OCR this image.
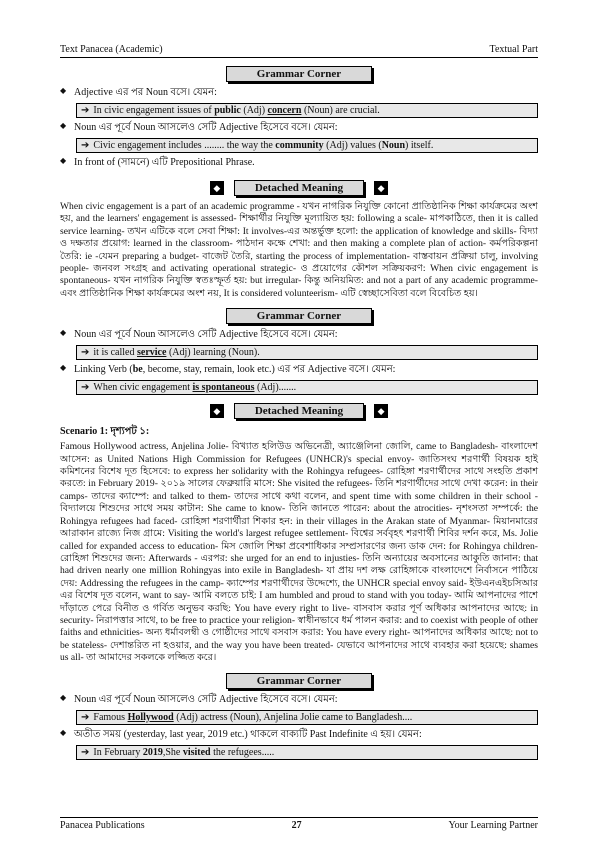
Text Panacea (Academic)	Textual Part
Grammar Corner
◆ Adjective এর পর Noun বসে। যেমন:
➔ In civic engagement issues of public (Adj) concern (Noun) are crucial.
◆ Noun এর পূর্বে Noun আসলেও সেটি Adjective হিসেবে বসে। যেমন:
➔ Civic engagement includes ........ the way the community (Adj) values (Noun) itself.
◆ In front of (সামনে) এটি Prepositional Phrase.
◆	Detached Meaning	◆
When civic engagement is a part of an academic programme - যখন নাগরিক নিযুক্তি কোনো প্রাতিষ্ঠানিক শিক্ষা কার্যক্রমের অংশ হয়, and the learners' engagement is assessed- শিক্ষার্থীর নিযুক্তি মূল্যায়িত হয়: following a scale- মাপকাঠিতে, then it is called service learning- তখন এটিকে বলে সেবা শিক্ষা: It involves-এর অন্তর্ভুক্ত হলো: the application of knowledge and skills- বিদ্যা ও দক্ষতার প্রয়োগ: learned in the classroom- পাঠদান কক্ষে শেখা: and then making a complete plan of action- কর্মপরিকল্পনা তৈরি: ie -যেমন preparing a budget- বাজেট তৈরি, starting the process of implementation- বাস্তবায়ন প্রক্রিয়া চালু, involving people- জনবল সংগ্রহ and activating operational strategic- ও প্রয়োগের কৌশল সক্রিয়করণ: When civic engagement is spontaneous- যখন নাগরিক নিযুক্তি স্বতঃস্ফূর্ত হয়: but irregular- কিন্তু অনিয়মিত: and not a part of any academic programme- এবং প্রাতিষ্ঠানিক শিক্ষা কার্যক্রমের অংশ নয়, It is considered volunteerism- এটি স্বেচ্ছাসেবিতা বলে বিবেচিত হয়।
Grammar Corner
◆ Noun এর পূর্বে Noun আসলেও সেটি Adjective হিসেবে বসে। যেমন:
➔ it is called service (Adj) learning (Noun).
◆ Linking Verb (be, become, stay, remain, look etc.) এর পর Adjective বসে। যেমন:
➔ When civic engagement is spontaneous (Adj).......
◆	Detached Meaning	◆
Scenario 1: দৃশ্যপট ১:
Famous Hollywood actress, Anjelina Jolie- বিখ্যাত হলিউড অভিনেত্রী, অ্যাঞ্জেলিনা জোলি, came to Bangladesh- বাংলাদেশ আসেন: as United Nations High Commission for Refugees (UNHCR)'s special envoy- জাতিসংঘ শরণার্থী বিষয়ক হাই কমিশনের বিশেষ দূত হিসেবে: to express her solidarity with the Rohingya refugees- রোহিঙ্গা শরণার্থীদের সাথে সংহতি প্রকাশ করতে: in February 2019- ২০১৯ সালের ফেব্রুয়ারি মাসে: She visited the refugees- তিনি শরণার্থীদের সাথে দেখা করেন: in their camps- তাদের ক্যাম্পে: and talked to them- তাদের সাথে কথা বলেন, and spent time with some children in their school - বিদ্যালয়ে শিশুদের সাথে সময় কাটান: She came to know- তিনি জানতে পারেন: about the atrocities- নৃশংসতা সম্পর্কে: the Rohingya refugees had faced- রোহিঙ্গা শরণার্থীরা শিকার হন: in their villages in the Arakan state of Myanmar- মিয়ানমারের আরাকান রাজ্যে নিজ গ্রামে: Visiting the world's largest refugee settlement- বিশ্বের সর্ববৃহৎ শরণার্থী শিবির দর্শন করে, Ms. Jolie called for expanded access to education- মিস জোলি শিক্ষা প্রবেশাধিকার সম্প্রসারণের জন্য ডাক দেন: for Rohingya children- রোহিঙ্গা শিশুদের জন্য: Afterwards - এরপর: she urged for an end to injusties- তিনি অন্যায়ের অবসানের আকুতি জানান: that had driven nearly one million Rohingyas into exile in Bangladesh- যা প্রায় দশ লক্ষ রোহিঙ্গাকে বাংলাদেশে নির্বাসনে পাঠিয়ে দেয়: Addressing the refugees in the camp- ক্যাম্পের শরণার্থীদের উদ্দেশ্যে, the UNHCR special envoy said- ইউএনএইচসিআর এর বিশেষ দূত বলেন, want to say- আমি বলতে চাই: I am humbled and proud to stand with you today- আমি আপনাদের পাশে দাঁড়াতে পেরে বিনীত ও গর্বিত অনুভব করছি: You have every right to live- বাসবাস করার পূর্ণ অধিকার আপনাদের আছে: in security- নিরাপত্তার সাথে, to be free to practice your religion- স্বাধীনভাবে ধর্ম পালন করার: and to coexist with people of other faiths and ethnicities- অন্য ধর্মাবলম্বী ও গোষ্ঠীদের সাথে বসবাস করার: You have every right- আপনাদের অধিকার আছে: not to be stateless- দেশান্তরিত না হওয়ার, and the way you have been treated- যেভাবে আপনাদের সাথে ব্যবহার করা হয়েছে: shames us all- তা আমাদের সকলকে লজ্জিত করে।
Grammar Corner
◆ Noun এর পূর্বে Noun আসলেও সেটি Adjective হিসেবে বসে। যেমন:
➔ Famous Hollywood (Adj) actress (Noun), Anjelina Jolie came to Bangladesh....
◆ অতীত সময় (yesterday, last year, 2019 etc.) থাকলে বাক্যটি Past Indefinite এ হয়। যেমন:
➔ In February 2019,She visited the refugees.....
Panacea Publications	27	Your Learning Partner
